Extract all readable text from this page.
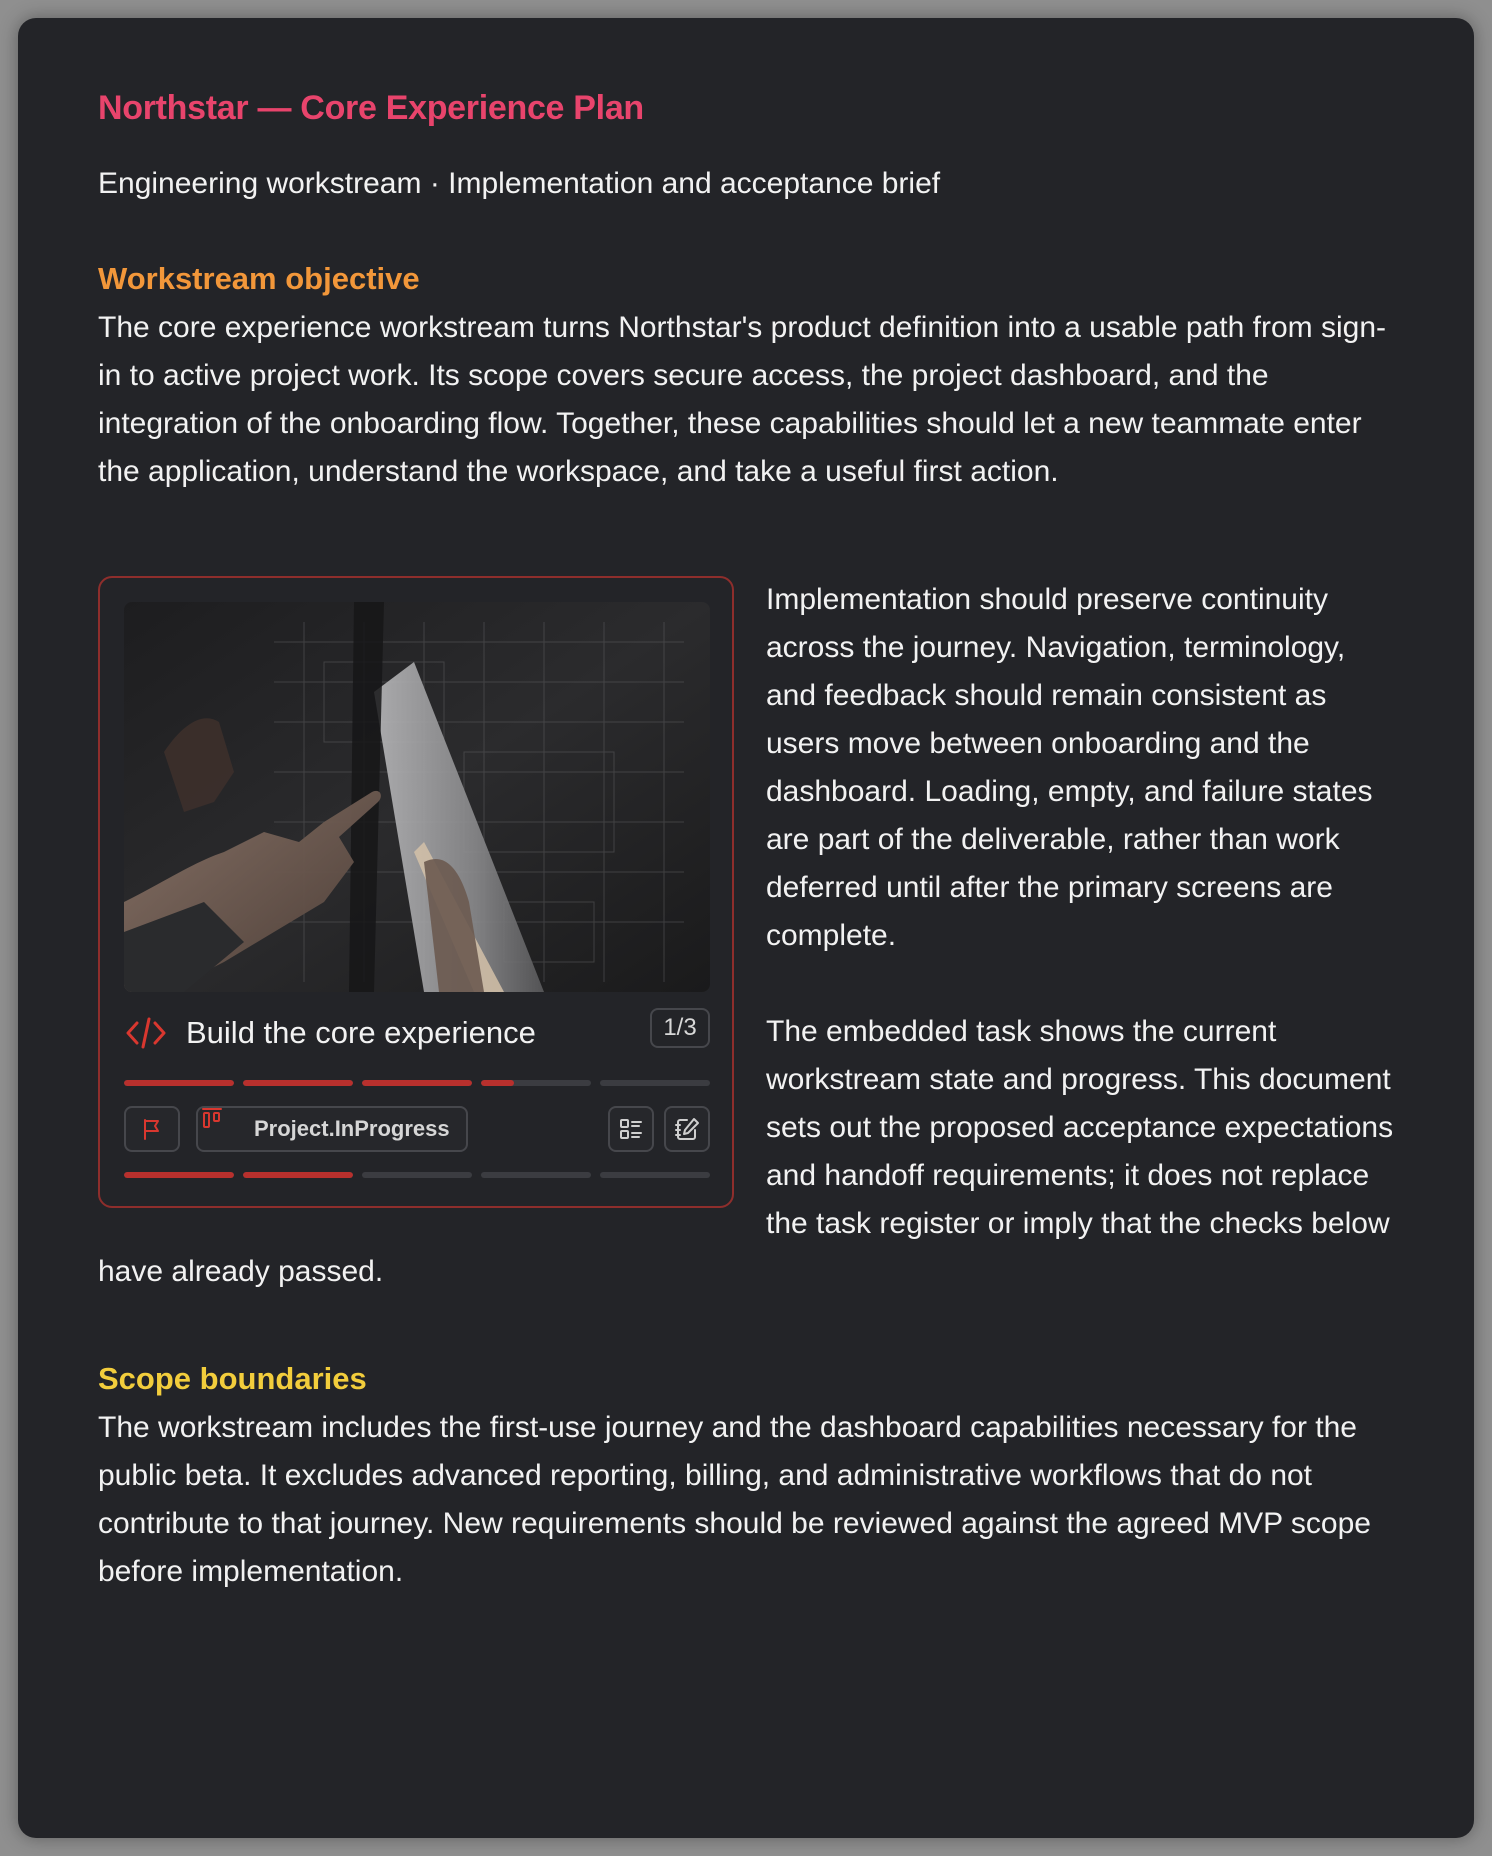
Northstar — Core Experience Plan
Engineering workstream · Implementation and acceptance brief
Workstream objective

The core experience workstream turns Northstar's product definition into a usable path from sign-in to active project work. Its scope covers secure access, the project dashboard, and the integration of the onboarding flow. Together, these capabilities should let a new teammate enter the application, understand the workspace, and take a useful first action.

Build the core experience	1/3
Project.InProgress

Implementation should preserve continuity across the journey. Navigation, terminology, and feedback should remain consistent as users move between onboarding and the dashboard. Loading, empty, and failure states are part of the deliverable, rather than work deferred until after the primary screens are complete.

The embedded task shows the current workstream state and progress. This document sets out the proposed acceptance expectations and handoff requirements; it does not replace the task register or imply that the checks below have already passed.

Scope boundaries

The workstream includes the first-use journey and the dashboard capabilities necessary for the public beta. It excludes advanced reporting, billing, and administrative workflows that do not contribute to that journey. New requirements should be reviewed against the agreed MVP scope before implementation.
